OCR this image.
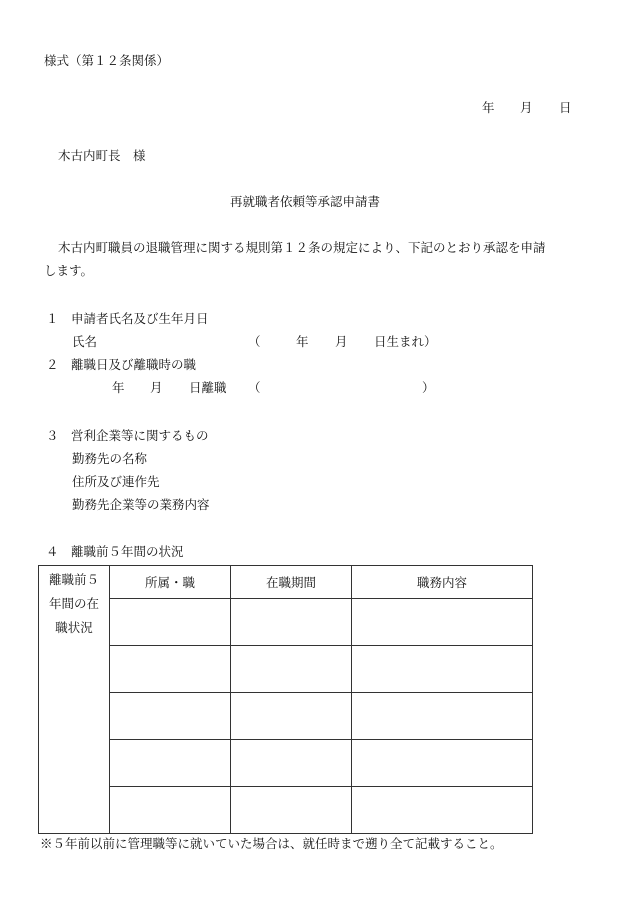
様式（第１２条関係）
年 月 日
木古内町長　様
再就職者依頼等承認申請書
木古内町職員の退職管理に関する規則第１２条の規定により、下記のとおり承認を申請
します。
１　申請者氏名及び生年月日
氏名	（	年 月 日生まれ）
２　離職日及び離職時の職
年 月 日離職 （	）
３　営利企業等に関するもの
勤務先の名称
住所及び連作先
勤務先企業等の業務内容
４　離職前５年間の状況
離職前５
年間の在
職状況	所属・職	在職期間	職務内容

※５年前以前に管理職等に就いていた場合は、就任時まで遡り全て記載すること。
